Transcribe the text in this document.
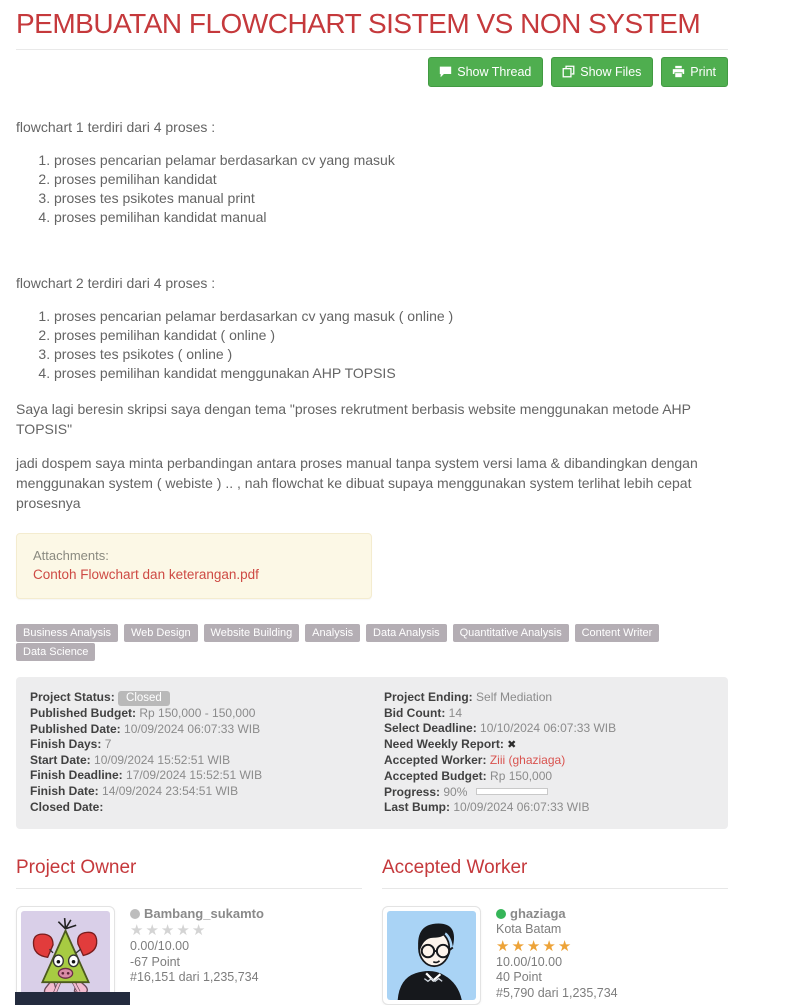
PEMBUATAN FLOWCHART SISTEM VS NON SYSTEM
Show Thread	Show Files	Print

flowchart 1 terdiri dari 4 proses :

1. proses pencarian pelamar berdasarkan cv yang masuk
2. proses pemilihan kandidat
3. proses tes psikotes manual print
4. proses pemilihan kandidat manual

flowchart 2 terdiri dari 4 proses :

1. proses pencarian pelamar berdasarkan cv yang masuk ( online )
2. proses pemilihan kandidat ( online )
3. proses tes psikotes ( online )
4. proses pemilihan kandidat menggunakan AHP TOPSIS

Saya lagi beresin skripsi saya dengan tema "proses rekrutment berbasis website menggunakan metode AHP TOPSIS"

jadi dospem saya minta perbandingan antara proses manual tanpa system versi lama & dibandingkan dengan menggunakan system ( webiste ) .. , nah flowchat ke dibuat supaya menggunakan system terlihat lebih cepat prosesnya

Attachments:
Contoh Flowchart dan keterangan.pdf
Business Analysis Web Design Website Building Analysis Data Analysis Quantitative Analysis Content Writer Data Science
Project Status: Closed
Published Budget: Rp 150,000 - 150,000
Published Date: 10/09/2024 06:07:33 WIB
Finish Days: 7
Start Date: 10/09/2024 15:52:51 WIB
Finish Deadline: 17/09/2024 15:52:51 WIB
Finish Date: 14/09/2024 23:54:51 WIB
Closed Date:
Project Ending: Self Mediation
Bid Count: 14
Select Deadline: 10/10/2024 06:07:33 WIB
Need Weekly Report: ✖
Accepted Worker: Ziii (ghaziaga)
Accepted Budget: Rp 150,000
Progress: 90%
Last Bump: 10/09/2024 06:07:33 WIB
Project Owner
Bambang_sukamto
★★★★★
0.00/10.00
-67 Point
#16,151 dari 1,235,734
Accepted Worker
ghaziaga
Kota Batam
★★★★★
10.00/10.00
40 Point
#5,790 dari 1,235,734
